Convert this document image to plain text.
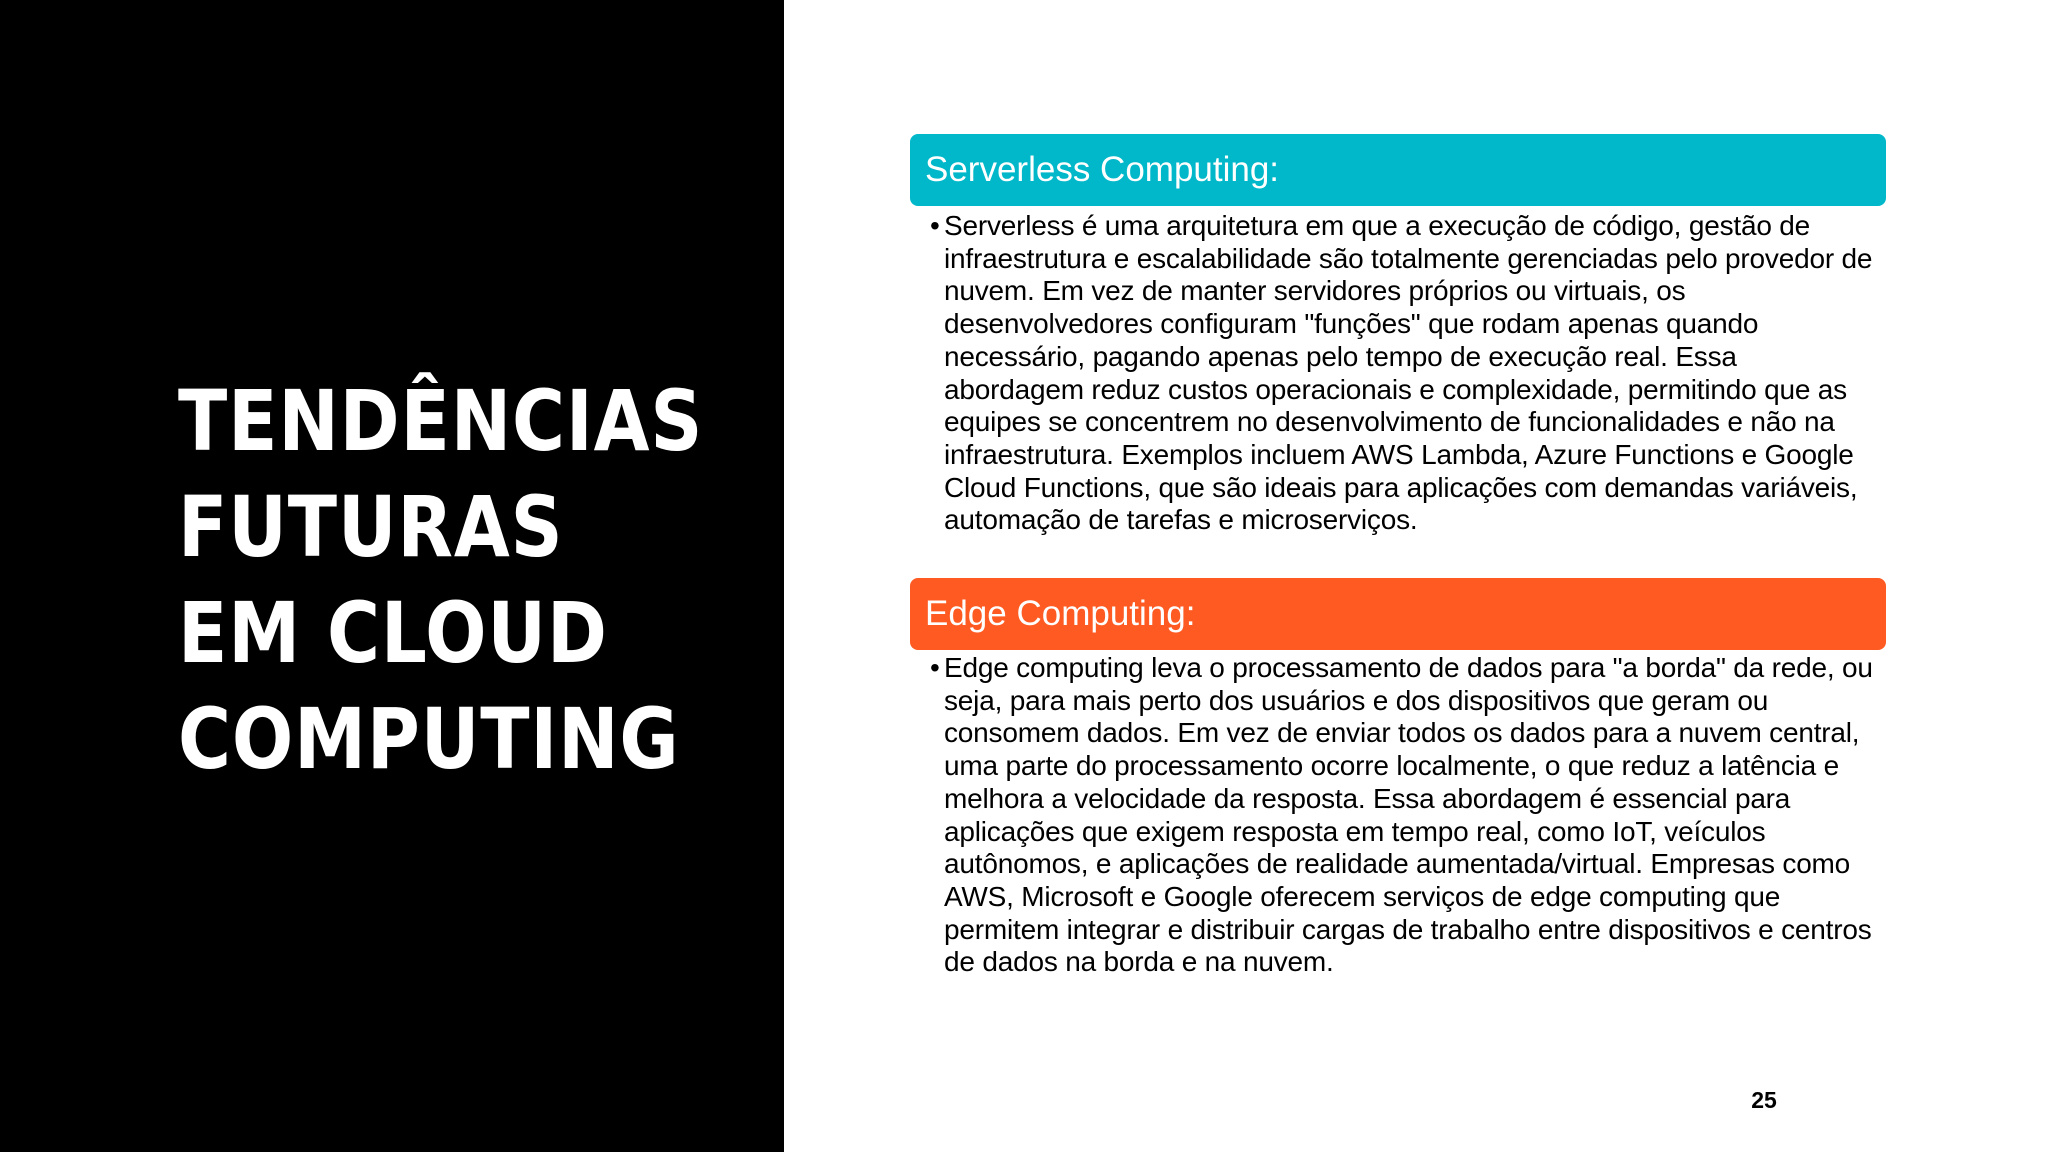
TENDÊNCIAS
FUTURAS
EM CLOUD
COMPUTING
Serverless Computing:

• Serverless é uma arquitetura em que a execução de código, gestão de infraestrutura e escalabilidade são totalmente gerenciadas pelo provedor de nuvem. Em vez de manter servidores próprios ou virtuais, os desenvolvedores configuram "funções" que rodam apenas quando necessário, pagando apenas pelo tempo de execução real. Essa abordagem reduz custos operacionais e complexidade, permitindo que as equipes se concentrem no desenvolvimento de funcionalidades e não na infraestrutura. Exemplos incluem AWS Lambda, Azure Functions e Google Cloud Functions, que são ideais para aplicações com demandas variáveis, automação de tarefas e microserviços.

Edge Computing:

• Edge computing leva o processamento de dados para "a borda" da rede, ou seja, para mais perto dos usuários e dos dispositivos que geram ou consomem dados. Em vez de enviar todos os dados para a nuvem central, uma parte do processamento ocorre localmente, o que reduz a latência e melhora a velocidade da resposta. Essa abordagem é essencial para aplicações que exigem resposta em tempo real, como IoT, veículos autônomos, e aplicações de realidade aumentada/virtual. Empresas como AWS, Microsoft e Google oferecem serviços de edge computing que permitem integrar e distribuir cargas de trabalho entre dispositivos e centros de dados na borda e na nuvem.

25
